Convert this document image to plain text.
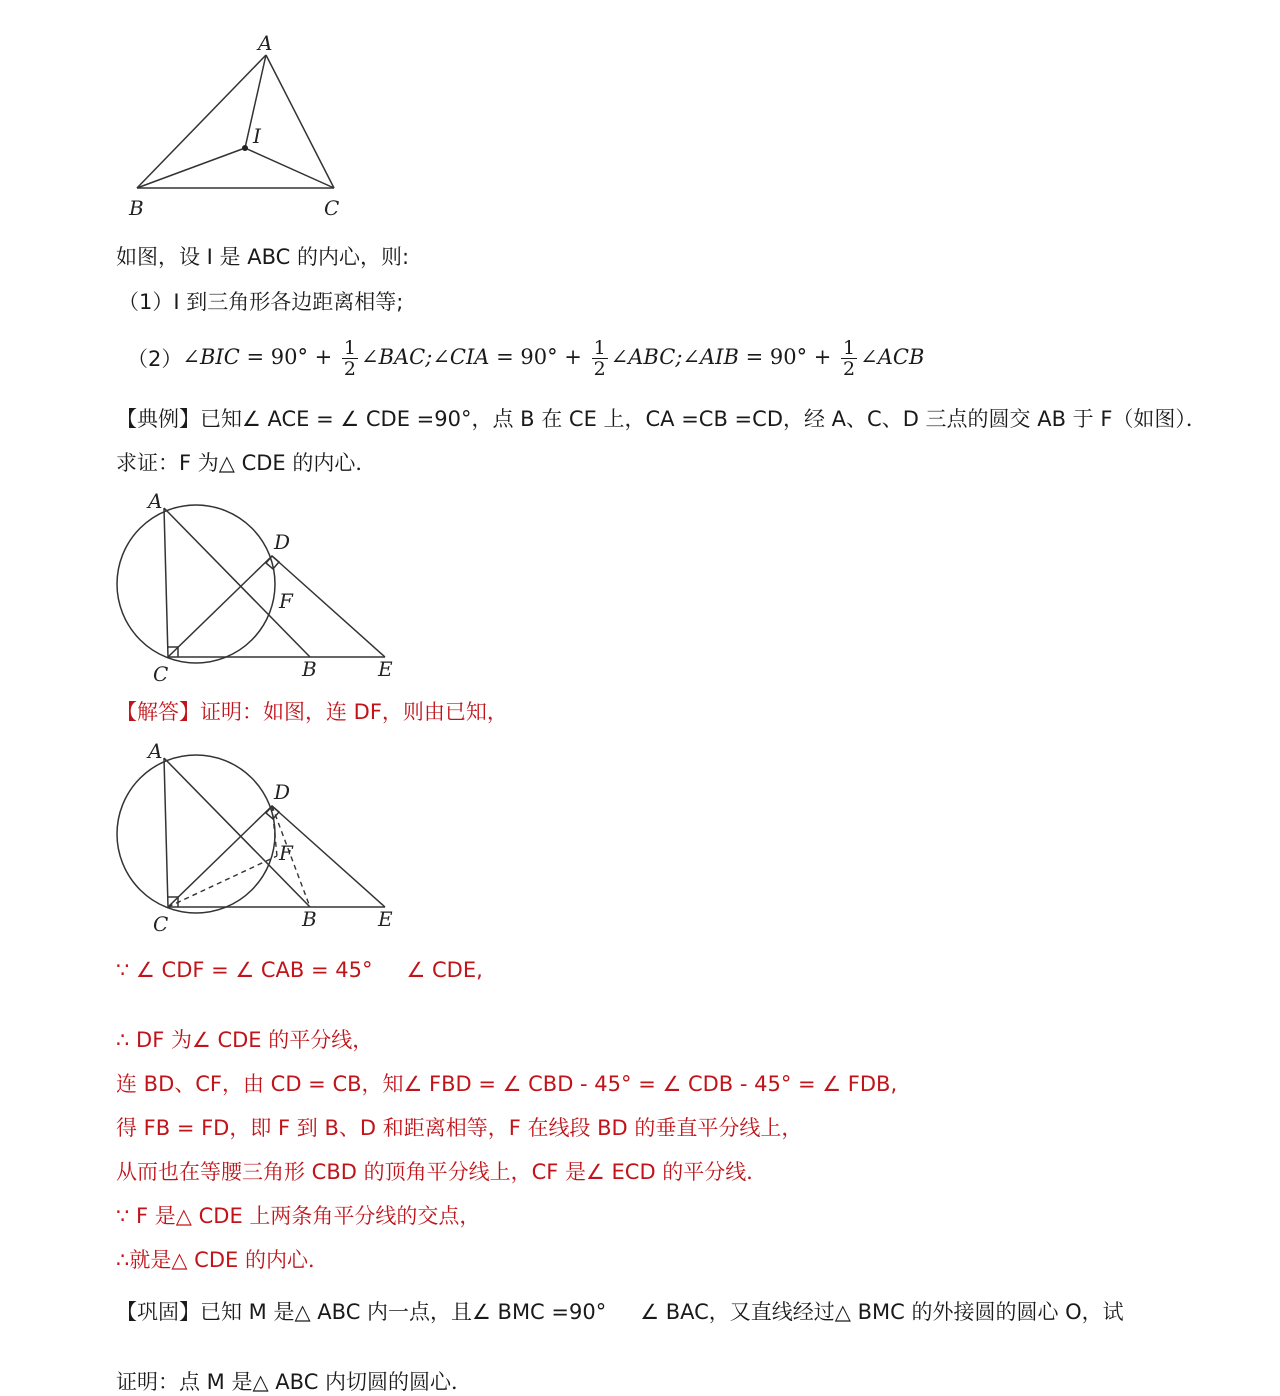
A
I
B	C
如图，设 I 是 ABC 的内心，则:
（1）I 到三角形各边距离相等;
（2） ∠BIC = $90^\circ + \frac{1}{2}$ ∠BAC; ∠CIA = $90^\circ + \frac{1}{2}$ ∠ABC; ∠AIB = $90^\circ + \frac{1}{2}$ ∠ACB
【典例】已知∠ ACE = ∠ CDE =90°，点 B 在 CE 上，CA =CB =CD，经 A、C、D 三点的圆交 AB 于 F（如图）．
求证：F 为△ CDE 的内心．
A
D
F
C	B	E
【解答】证明：如图，连 DF，则由已知，
A
D
F
C	B	E
∵ ∠ CDF = ∠ CAB = 45° ∠ CDE,
∴ DF 为∠ CDE 的平分线，
连 BD、CF，由 CD = CB，知∠ FBD = ∠ CBD - 45° = ∠ CDB - 45° = ∠ FDB,
得 FB = FD，即 F 到 B、D 和距离相等，F 在线段 BD 的垂直平分线上，
从而也在等腰三角形 CBD 的顶角平分线上，CF 是∠ ECD 的平分线．
∵ F 是△ CDE 上两条角平分线的交点，
∴就是△ CDE 的内心．
【巩固】已知 M 是△ ABC 内一点，且∠ BMC =90° ∠ BAC，又直线经过△ BMC 的外接圆的圆心 O，试
证明：点 M 是△ ABC 内切圆的圆心．
